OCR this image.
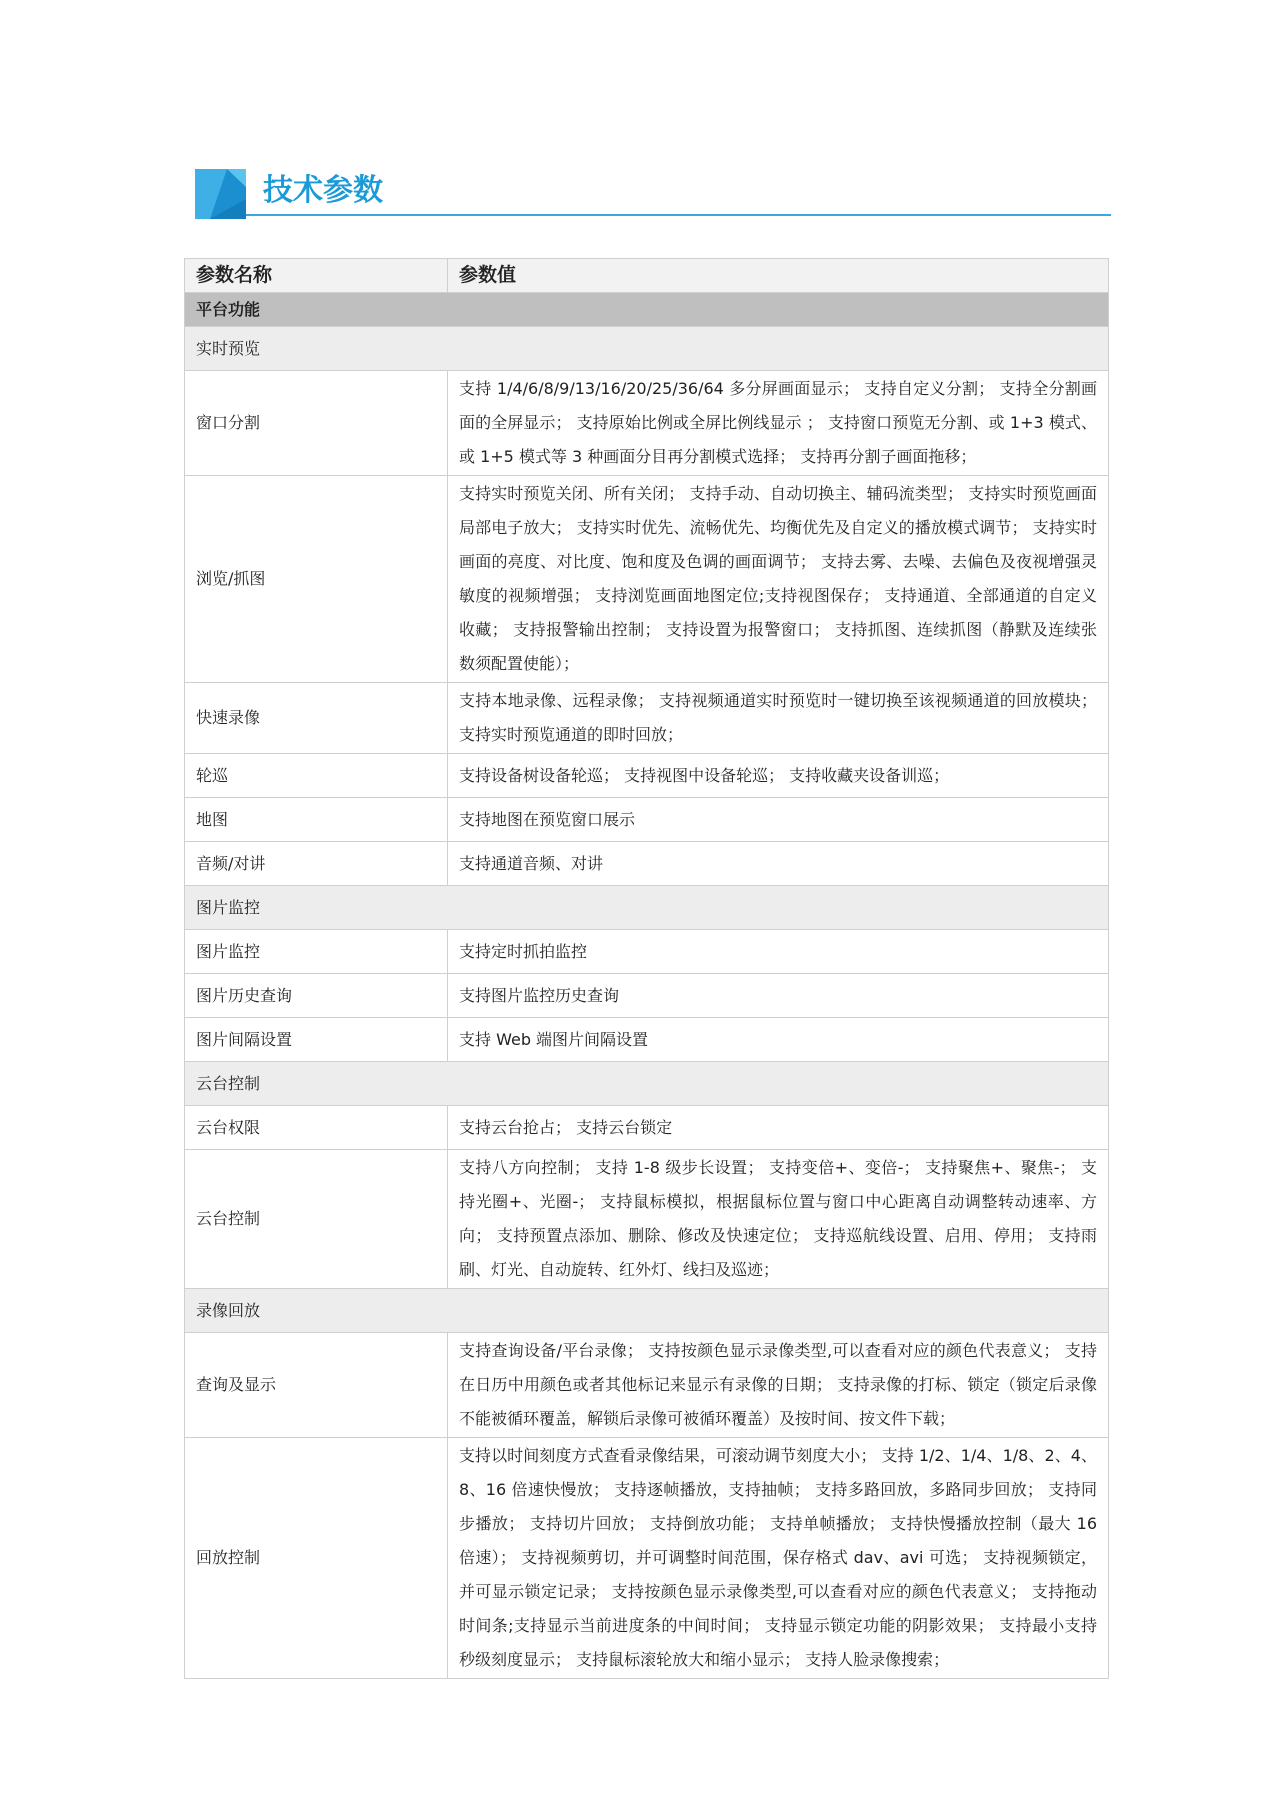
技术参数
参数名称	参数值
平台功能	
实时预览	
窗口分割	支持 1/4/6/8/9/13/16/20/25/36/64 多分屏画面显示； 支持自定义分割； 支持全分割画面的全屏显示； 支持原始比例或全屏比例线显示 ； 支持窗口预览无分割、或 1+3 模式、或 1+5 模式等 3 种画面分目再分割模式选择； 支持再分割子画面拖移；
浏览/抓图	支持实时预览关闭、所有关闭； 支持手动、自动切换主、辅码流类型； 支持实时预览画面局部电子放大； 支持实时优先、流畅优先、均衡优先及自定义的播放模式调节； 支持实时画面的亮度、对比度、饱和度及色调的画面调节； 支持去雾、去噪、去偏色及夜视增强灵敏度的视频增强； 支持浏览画面地图定位;支持视图保存； 支持通道、全部通道的自定义收藏； 支持报警输出控制； 支持设置为报警窗口； 支持抓图、连续抓图（静默及连续张数须配置使能）；
快速录像	支持本地录像、远程录像； 支持视频通道实时预览时一键切换至该视频通道的回放模块； 支持实时预览通道的即时回放；
轮巡	支持设备树设备轮巡； 支持视图中设备轮巡； 支持收藏夹设备训巡；
地图	支持地图在预览窗口展示
音频/对讲	支持通道音频、对讲
图片监控	
图片监控	支持定时抓拍监控
图片历史查询	支持图片监控历史查询
图片间隔设置	支持 Web 端图片间隔设置
云台控制	
云台权限	支持云台抢占； 支持云台锁定
云台控制	支持八方向控制； 支持 1-8 级步长设置； 支持变倍+、变倍-； 支持聚焦+、聚焦-； 支持光圈+、光圈-； 支持鼠标模拟，根据鼠标位置与窗口中心距离自动调整转动速率、方向； 支持预置点添加、删除、修改及快速定位； 支持巡航线设置、启用、停用； 支持雨刷、灯光、自动旋转、红外灯、线扫及巡迹；
录像回放	
查询及显示	支持查询设备/平台录像； 支持按颜色显示录像类型,可以查看对应的颜色代表意义； 支持在日历中用颜色或者其他标记来显示有录像的日期； 支持录像的打标、锁定（锁定后录像不能被循环覆盖，解锁后录像可被循环覆盖）及按时间、按文件下载；
回放控制	支持以时间刻度方式查看录像结果，可滚动调节刻度大小； 支持 1/2、1/4、1/8、2、4、8、16 倍速快慢放； 支持逐帧播放，支持抽帧； 支持多路回放，多路同步回放； 支持同步播放； 支持切片回放； 支持倒放功能； 支持单帧播放； 支持快慢播放控制（最大 16 倍速）； 支持视频剪切，并可调整时间范围，保存格式 dav、avi 可选； 支持视频锁定，并可显示锁定记录； 支持按颜色显示录像类型,可以查看对应的颜色代表意义； 支持拖动时间条;支持显示当前进度条的中间时间； 支持显示锁定功能的阴影效果； 支持最小支持秒级刻度显示； 支持鼠标滚轮放大和缩小显示； 支持人脸录像搜索；
